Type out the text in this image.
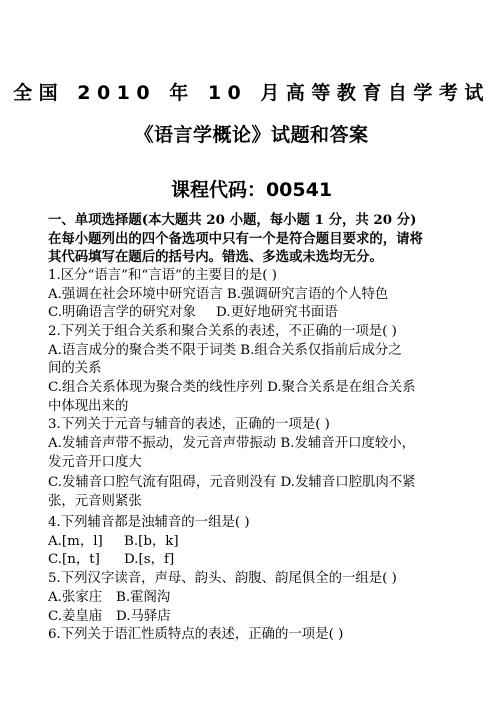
全国 2010 年 10 月高等教育自学考试
《语言学概论》试题和答案
课程代码：00541
一、单项选择题(本大题共 20 小题，每小题 1 分，共 20 分)
在每小题列出的四个备选项中只有一个是符合题目要求的，请将
其代码填写在题后的括号内。错选、多选或未选均无分。
1.区分“语言”和“言语”的主要目的是( )
A.强调在社会环境中研究语言 B.强调研究言语的个人特色
C.明确语言学的研究对象 D.更好地研究书面语
2.下列关于组合关系和聚合关系的表述，不正确的一项是( )
A.语言成分的聚合类不限于词类 B.组合关系仅指前后成分之
间的关系
C.组合关系体现为聚合类的线性序列 D.聚合关系是在组合关系
中体现出来的
3.下列关于元音与辅音的表述，正确的一项是( )
A.发辅音声带不振动，发元音声带振动 B.发辅音开口度较小，
发元音开口度大
C.发辅音口腔气流有阻碍，元音则没有 D.发辅音口腔肌肉不紧
张，元音则紧张
4.下列辅音都是浊辅音的一组是( )
A.[m，l] B.[b，k]
C.[n，t] D.[s，f]
5.下列汉字读音，声母、韵头、韵腹、韵尾俱全的一组是( )
A.张家庄 B.霍阁沟
C.姜皇庙 D.马驿店
6.下列关于语汇性质特点的表述，正确的一项是( )
